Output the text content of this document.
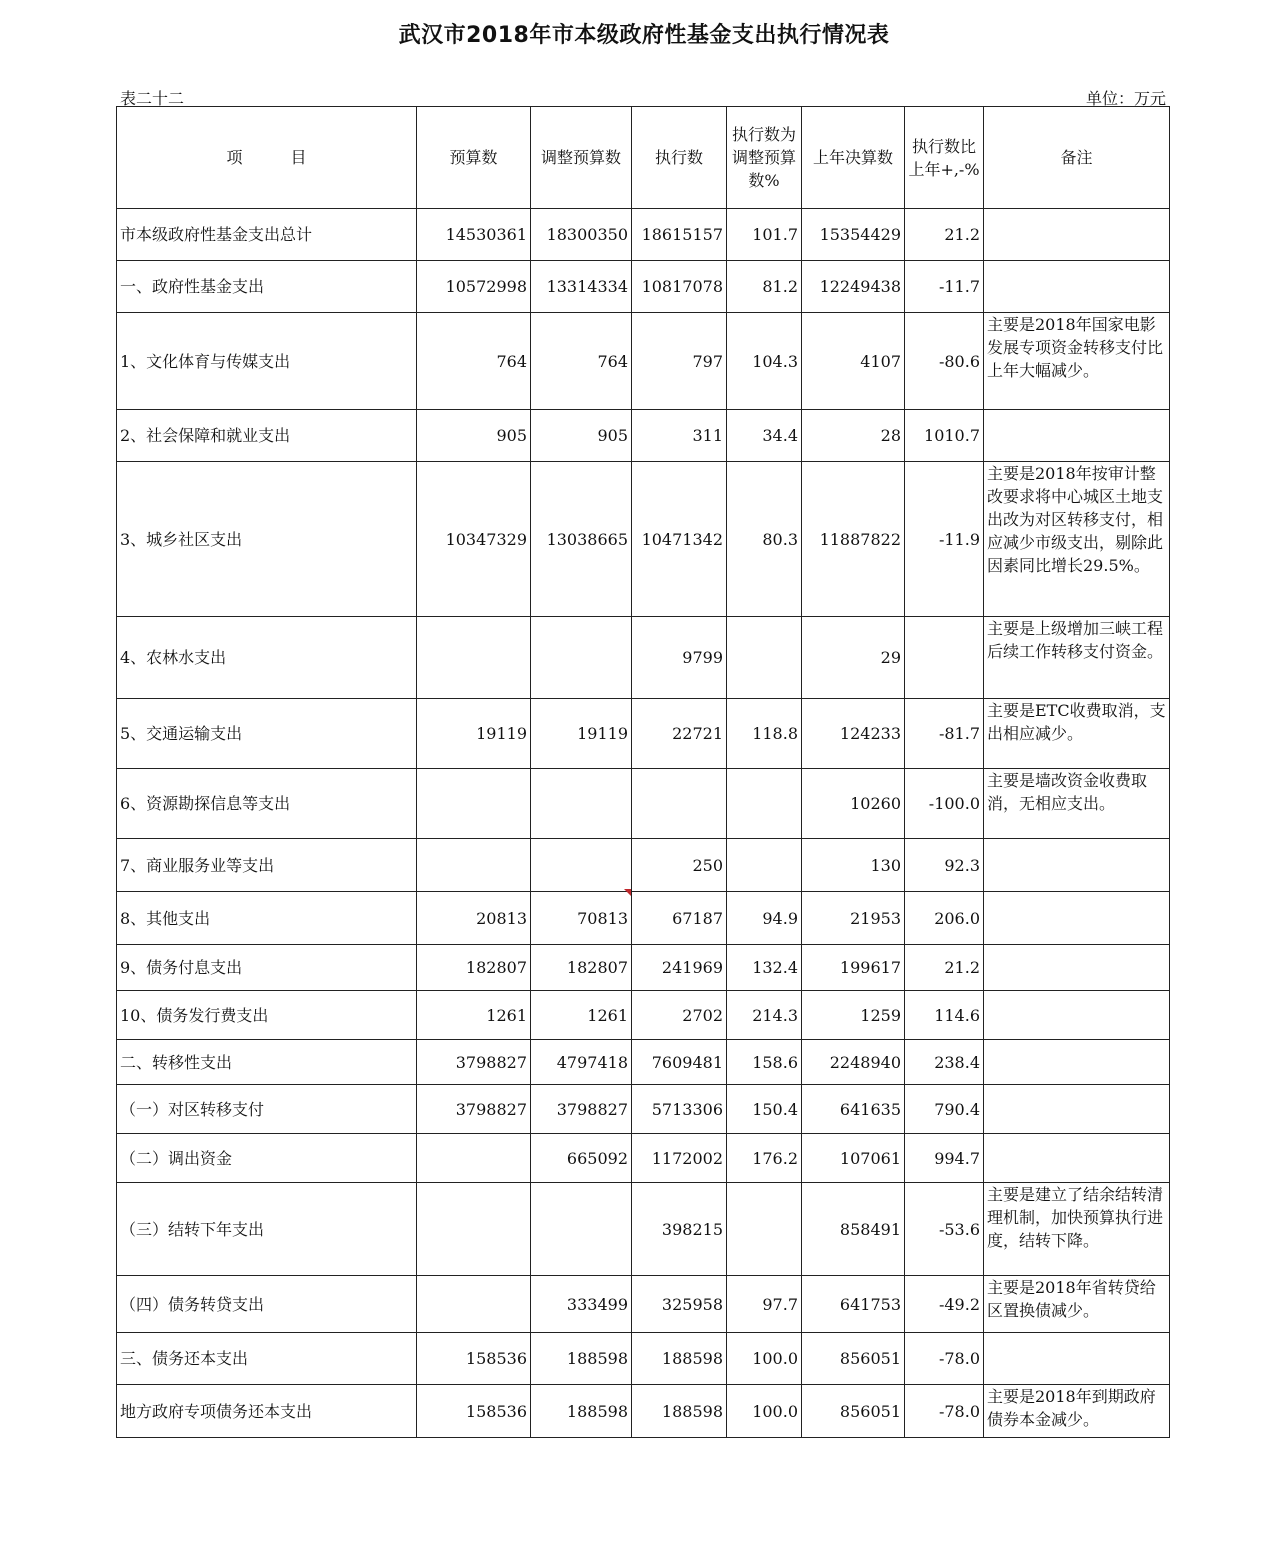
武汉市2018年市本级政府性基金支出执行情况表
表二十二	单位：万元
项　　　目	预算数	调整预算数	执行数	执行数为调整预算数%	上年决算数	执行数比上年+,-%	备注
市本级政府性基金支出总计	14530361	18300350	18615157	101.7	15354429	21.2	
一、政府性基金支出	10572998	13314334	10817078	81.2	12249438	-11.7	
1、文化体育与传媒支出	764	764	797	104.3	4107	-80.6	主要是2018年国家电影发展专项资金转移支付比上年大幅减少。
2、社会保障和就业支出	905	905	311	34.4	28	1010.7	
3、城乡社区支出	10347329	13038665	10471342	80.3	11887822	-11.9	主要是2018年按审计整改要求将中心城区土地支出改为对区转移支付，相应减少市级支出，剔除此因素同比增长29.5%。
4、农林水支出			9799		29		主要是上级增加三峡工程后续工作转移支付资金。
5、交通运输支出	19119	19119	22721	118.8	124233	-81.7	主要是ETC收费取消，支出相应减少。
6、资源勘探信息等支出					10260	-100.0	主要是墙改资金收费取消，无相应支出。
7、商业服务业等支出			250		130	92.3	
8、其他支出	20813	70813	67187	94.9	21953	206.0	
9、债务付息支出	182807	182807	241969	132.4	199617	21.2	
10、债务发行费支出	1261	1261	2702	214.3	1259	114.6	
二、转移性支出	3798827	4797418	7609481	158.6	2248940	238.4	
（一）对区转移支付	3798827	3798827	5713306	150.4	641635	790.4	
（二）调出资金		665092	1172002	176.2	107061	994.7	
（三）结转下年支出			398215		858491	-53.6	主要是建立了结余结转清理机制，加快预算执行进度，结转下降。
（四）债务转贷支出		333499	325958	97.7	641753	-49.2	主要是2018年省转贷给区置换债减少。
三、债务还本支出	158536	188598	188598	100.0	856051	-78.0	
地方政府专项债务还本支出	158536	188598	188598	100.0	856051	-78.0	主要是2018年到期政府债券本金减少。
